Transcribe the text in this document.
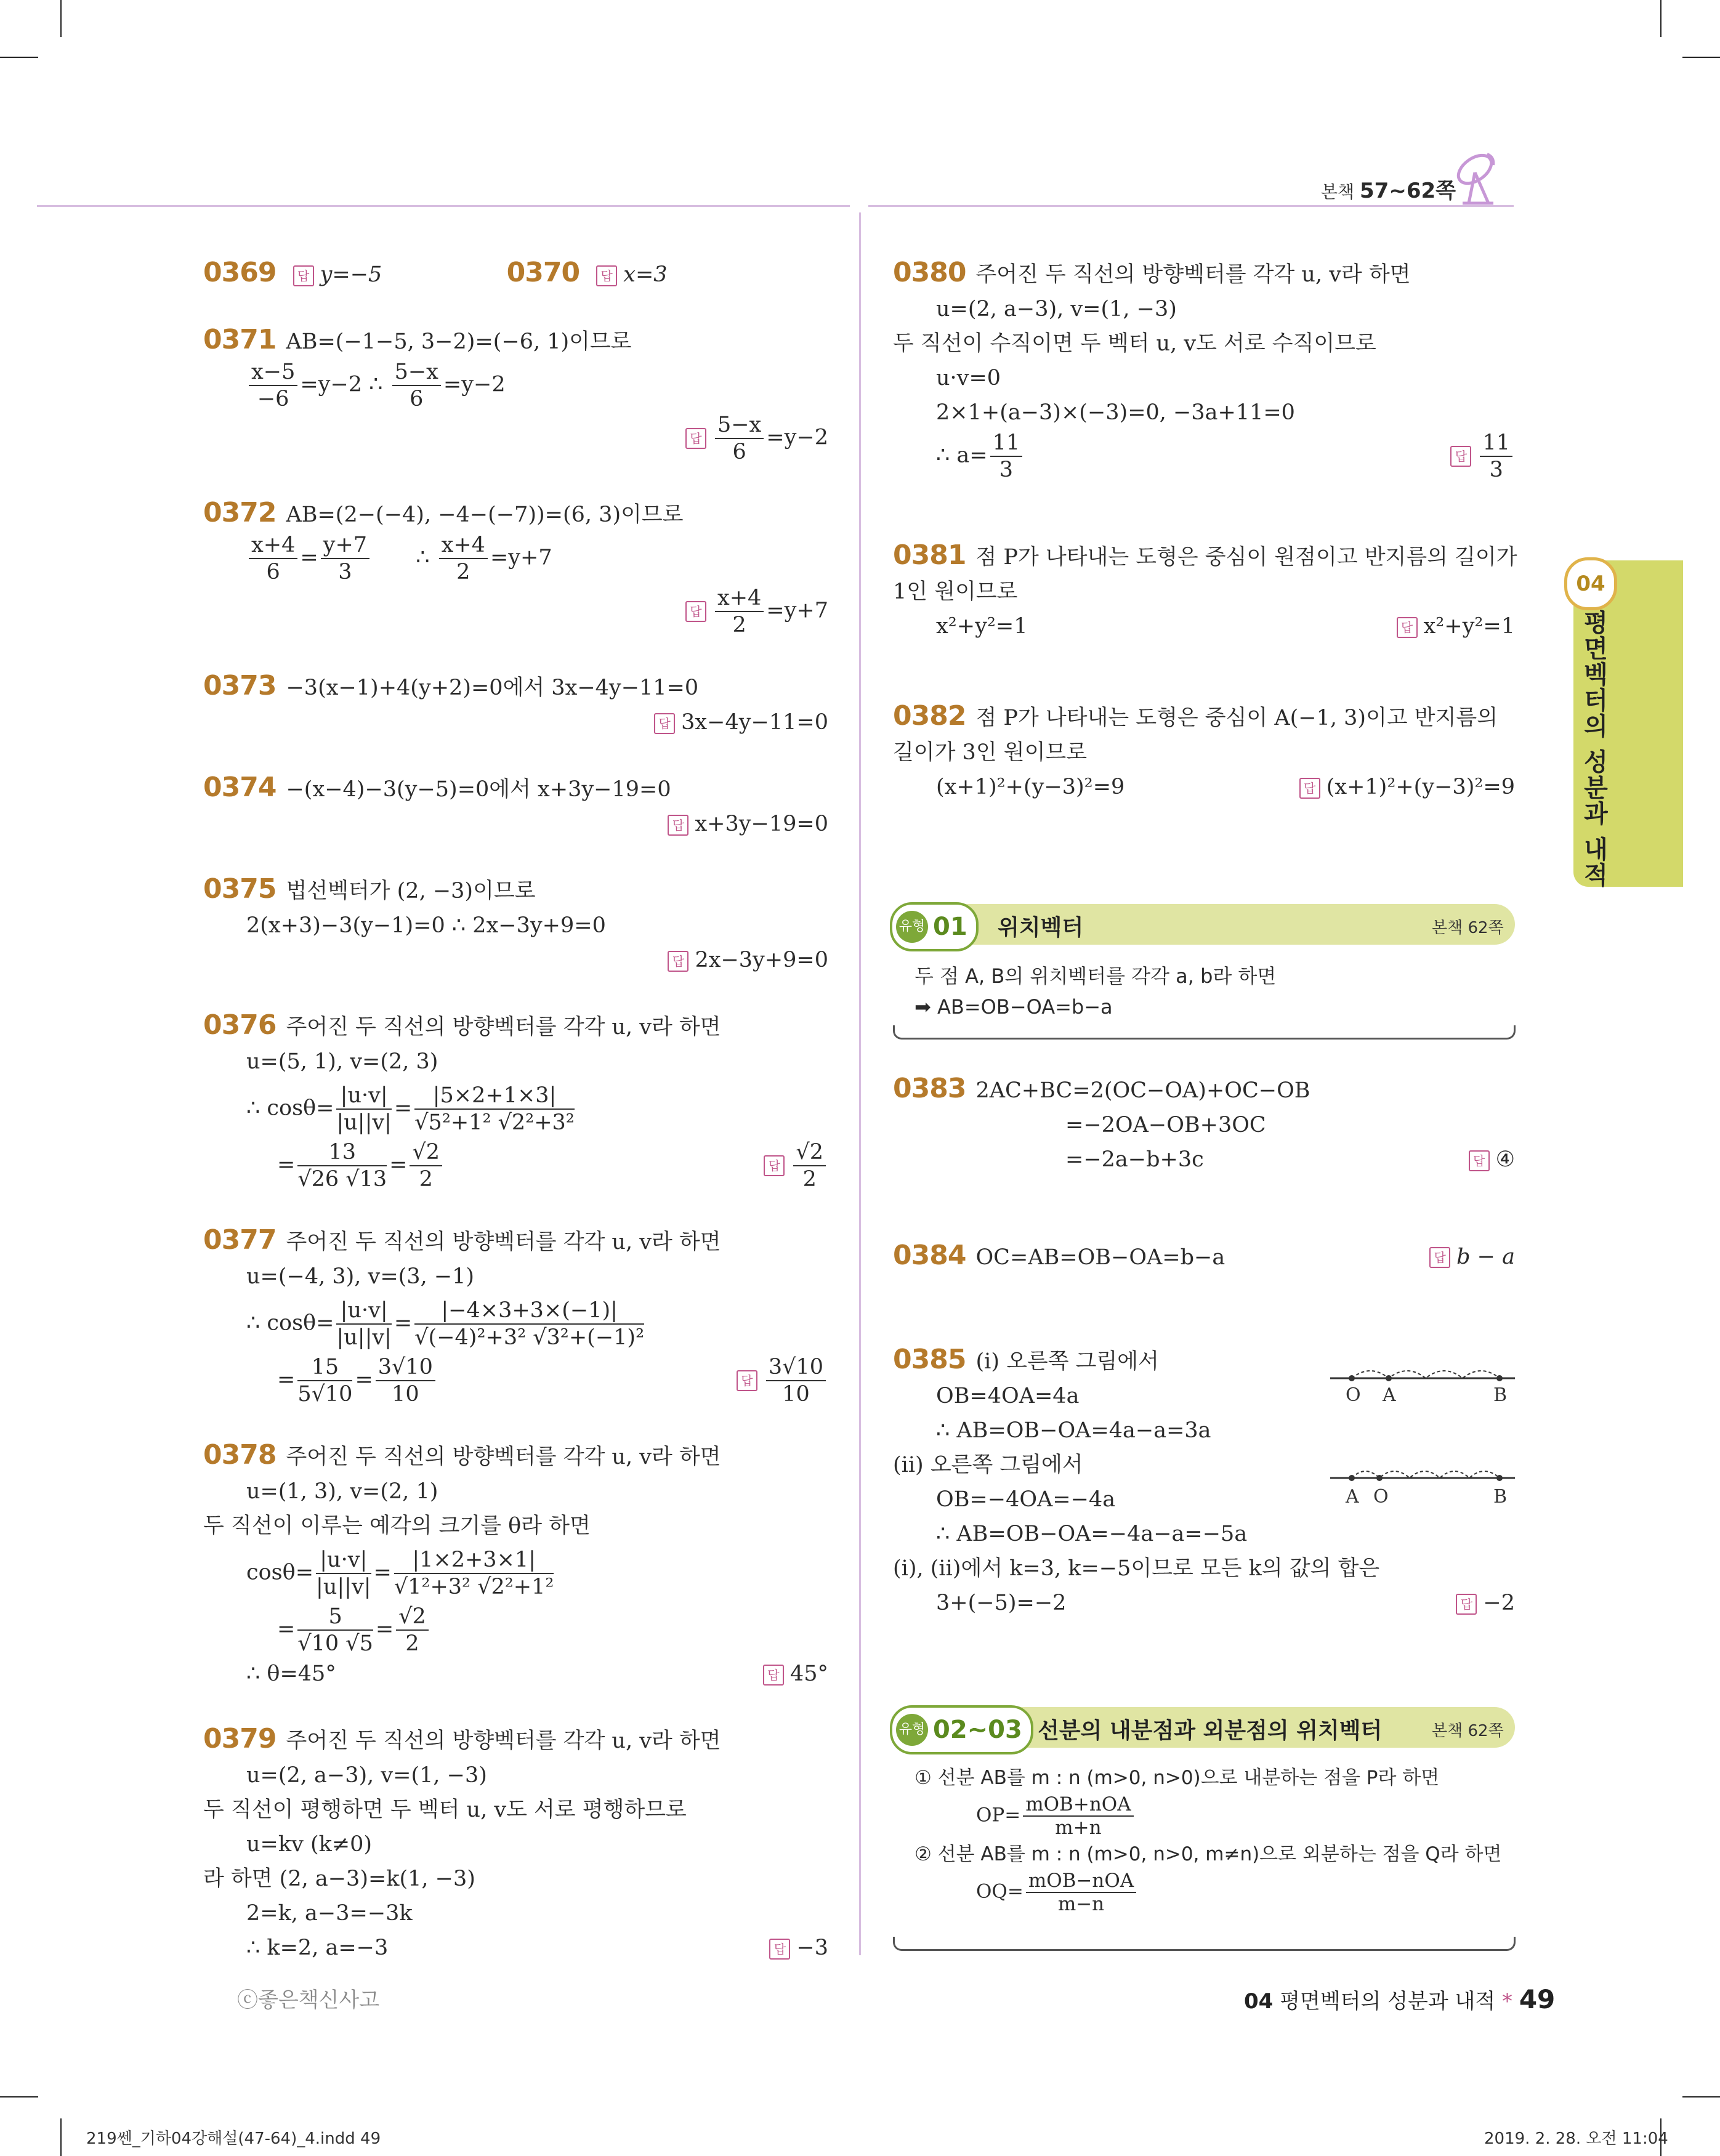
본책 57~62쪽
04
평면벡터의 성분과 내적
0369 답 y=−5	0370 답 x=3
0371 AB=(−1−5, 3−2)=(−6, 1)이므로
$\frac{x-5}{-6} =y-2$ ∴ $\frac{5-x}{6} =y-2$
답 $\frac{5-x}{6} =y-2$
0372 AB=(2−(−4), −4−(−7))=(6, 3)이므로
$\frac{x+4}{6} = \frac{y+7}{3}$ ∴ $\frac{x+4}{2} =y+7$
답 $\frac{x+4}{2} =y+7$
0373 −3(x−1)+4(y+2)=0에서 3x−4y−11=0
답 3x−4y−11=0
0374 −(x−4)−3(y−5)=0에서 x+3y−19=0
답 x+3y−19=0
0375 법선벡터가 (2, −3)이므로
2(x+3)−3(y−1)=0 ∴ 2x−3y+9=0
답 2x−3y+9=0
0376 주어진 두 직선의 방향벡터를 각각 u, v라 하면
u=(5, 1), v=(2, 3)
∴ $\cos\theta= \frac{|u\cdot v|}{|u||v|} = \frac{|5\times 2+1\times 3|}{\text{√5²+1² √2²+3²}}$
= $\frac{13}{√26 √13} = \frac{√2}{2}$	답 $\frac{√2}{2}$
0377 주어진 두 직선의 방향벡터를 각각 u, v라 하면
u=(−4, 3), v=(3, −1)
∴ $\cos\theta= \frac{|u\cdot v|}{|u||v|} = \frac{|-4\times 3+3\times(-1)|}{\text{√(−4)²+3² √3²+(−1)²}}$
= $\frac{15}{5√10} = \frac{3√10}{10}$	답 $\frac{3√10}{10}$
0378 주어진 두 직선의 방향벡터를 각각 u, v라 하면
u=(1, 3), v=(2, 1)
두 직선이 이루는 예각의 크기를 θ라 하면
$\cos\theta= \frac{|u\cdot v|}{|u||v|} = \frac{|1\times 2+3\times 1|}{\text{√1²+3² √2²+1²}}$
= $\frac{5}{√10 √5} = \frac{√2}{2}$
∴ θ=45°	답 45°
0379 주어진 두 직선의 방향벡터를 각각 u, v라 하면
u=(2, a−3), v=(1, −3)
두 직선이 평행하면 두 벡터 u, v도 서로 평행하므로
u=kv (k≠0)
라 하면 (2, a−3)=k(1, −3)
2=k, a−3=−3k
∴ k=2, a=−3	답 −3
0380 주어진 두 직선의 방향벡터를 각각 u, v라 하면
u=(2, a−3), v=(1, −3)
두 직선이 수직이면 두 벡터 u, v도 서로 수직이므로
u·v=0
2×1+(a−3)×(−3)=0, −3a+11=0
∴ $a= \frac{11}{3}$	답 $\frac{11}{3}$
0381 점 P가 나타내는 도형은 중심이 원점이고 반지름의 길이가
1인 원이므로
x²+y²=1	답 x²+y²=1
0382 점 P가 나타내는 도형은 중심이 A(−1, 3)이고 반지름의
길이가 3인 원이므로
(x+1)²+(y−3)²=9	답 (x+1)²+(y−3)²=9
유형 01	위치벡터	본책 62쪽
두 점 A, B의 위치벡터를 각각 a, b라 하면
➡ AB=OB−OA=b−a
0383 2AC+BC=2(OC−OA)+OC−OB
=−2OA−OB+3OC
=−2a−b+3c	답 ④
0384 OC=AB=OB−OA=b−a	답 b − a
0385 (i) 오른쪽 그림에서
OB=4OA=4a
∴ AB=OB−OA=4a−a=3a
(ii) 오른쪽 그림에서
OB=−4OA=−4a
∴ AB=OB−OA=−4a−a=−5a
(i), (ii)에서 k=3, k=−5이므로 모든 k의 값의 합은
3+(−5)=−2	답 −2
O A	B
A O	B
유형 02~03 선분의 내분점과 외분점의 위치벡터	본책 62쪽
① 선분 AB를 m : n (m>0, n>0)으로 내분하는 점을 P라 하면
OP= mOB+nOA
m+n
② 선분 AB를 m : n (m>0, n>0, m≠n)으로 외분하는 점을 Q라 하면
OQ= mOB−nOA
m−n
ⓒ좋은책신사고	04 평면벡터의 성분과 내적 * 49
219쎈_기하04강해설(47-64)_4.indd 49	2019. 2. 28. 오전 11:04
